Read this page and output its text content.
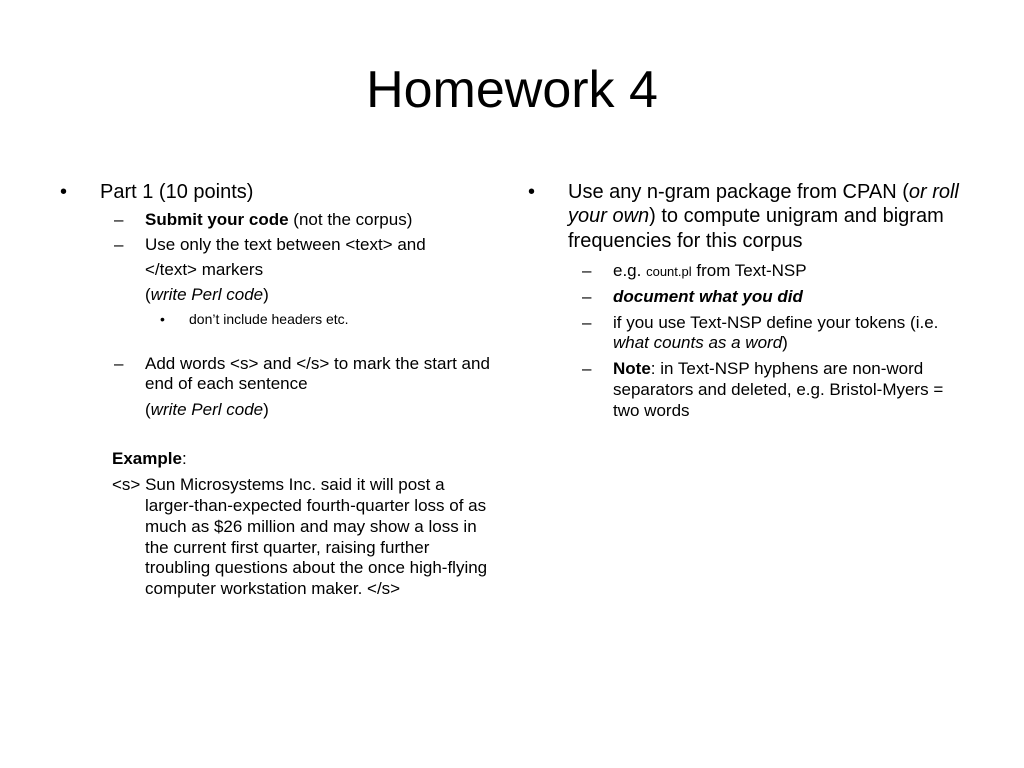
Homework 4

• Part 1 (10 points)

– Submit your code (not the corpus)

– Use only the text between <text> and

</text> markers

(write Perl code)

• don’t include headers etc.

– Add words <s> and </s> to mark the start and end of each sentence

(write Perl code)

Example:

<s> Sun Microsystems Inc. said it will post a larger-than-expected fourth-quarter loss of as much as $26 million and may show a loss in the current first quarter, raising further troubling questions about the once high-flying computer workstation maker. </s>

• Use any n-gram package from CPAN (or roll your own) to compute unigram and bigram frequencies for this corpus

– e.g. count.pl from Text-NSP

– document what you did

– if you use Text-NSP define your tokens (i.e. what counts as a word)

– Note: in Text-NSP hyphens are non-word separators and deleted, e.g. Bristol-Myers = two words
